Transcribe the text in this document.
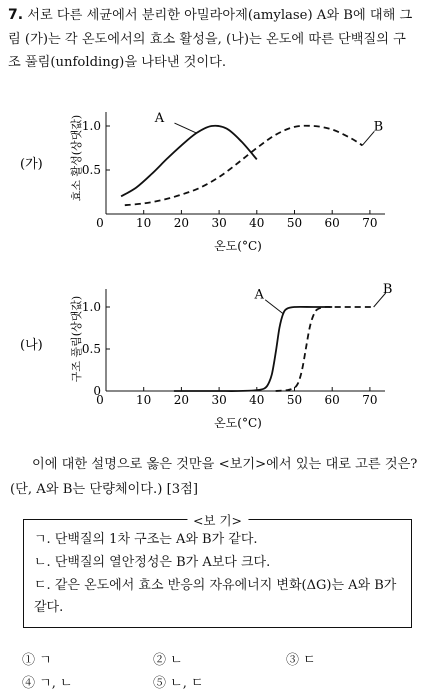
7. 서로 다른 세균에서 분리한 아밀라아제(amylase) A와 B에 대해 그림 (가)는 각 온도에서의 효소 활성을, (나)는 온도에 따른 단백질의 구조 풀림(unfolding)을 나타낸 것이다.
(가) 효소 활성(상댓값)
온도(°C)
0	10 20 30 40 50 60 70
0.5
1.0	A
B
(나) 구조 풀림(상댓값)
온도(°C)
0	10 20 30 40 50 60 70
0
0.5
1.0
A	B
이에 대한 설명으로 옳은 것만을 <보기>에서 있는 대로 고른 것은? (단, A와 B는 단량체이다.) [3점]
<보 기>
ㄱ. 단백질의 1차 구조는 A와 B가 같다.
ㄴ. 단백질의 열안정성은 B가 A보다 크다.
ㄷ. 같은 온도에서 효소 반응의 자유에너지 변화(ΔG)는 A와 B가 같다.
① ㄱ	② ㄴ	③ ㄷ
④ ㄱ, ㄴ	⑤ ㄴ, ㄷ
